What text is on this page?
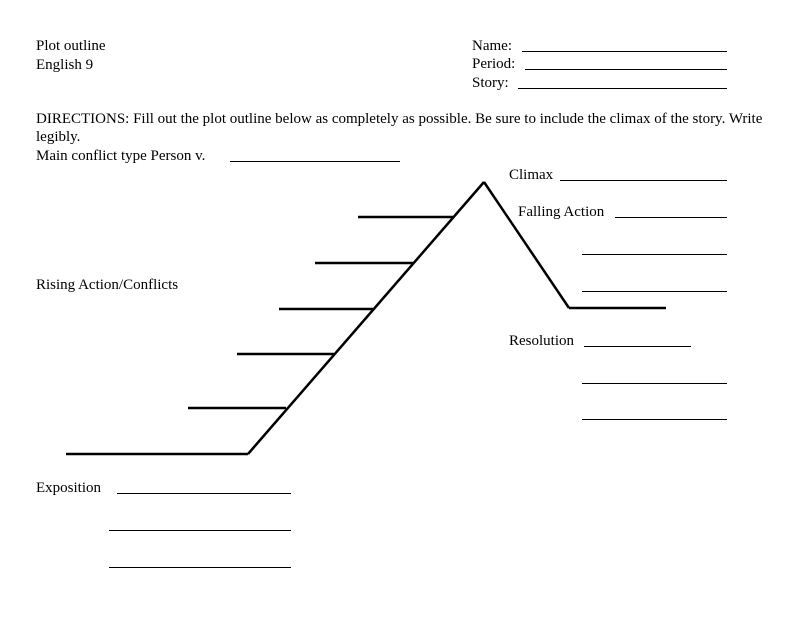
Plot outline
English 9
Name:
Period:
Story:
DIRECTIONS: Fill out the plot outline below as completely as possible. Be sure to include the climax of the story. Write legibly.
Main conflict type Person v.
Climax
Falling Action
Rising Action/Conflicts
Resolution
Exposition
